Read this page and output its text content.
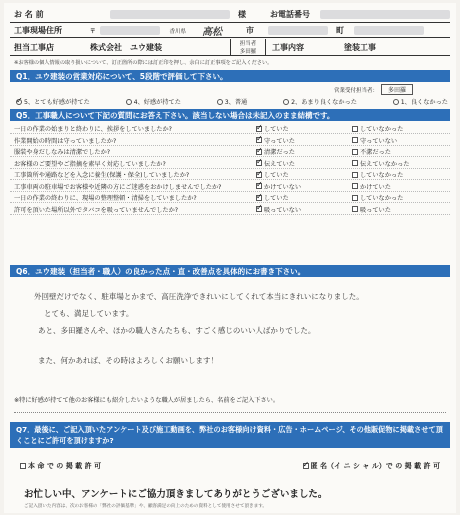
お 名 前	様	お電話番号
工事現場住所	〒	香川県 高松	市	町
担当工事店	株式会社　ユウ建装	担当者
多田羅
工事内容	塗装工事
※お客様の個人情報の取り扱いについて、訂正箇所の際には訂正印を押し、余白に訂正事項をご記入ください。
Q1．ユウ建装の営業対応について、5段階で評価して下さい。
営業受付担当者：	多田羅
✓
5、とても好感が持てた	4、好感が持てた	3、普通	2、あまり良くなかった	1、良くなかった
Q5．工事職人について下記の質問にお答え下さい。該当しない場合は未記入のまま結構です。
一日の作業の始まりと終わりに、挨拶をしていましたか? ✓	していた	していなかった
作業開始の時間は守っていましたか? ✓	守っていた	守っていない
服装や身だしなみは清潔でしたか? ✓	清潔だった	不潔だった
お客様のご要望やご指摘を素早く対応していましたか? ✓	伝えていた	伝えていなかった
工事箇所や通路などを入念に養生(保護・保全)していましたか? ✓	していた	していなかった
工事車両の駐車場でお客様や近隣の方にご迷惑をおかけしませんでしたか? ✓	かけていない	かけていた
一日の作業の終わりに、現場の整理整頓・清掃をしていましたか? ✓	していた	していなかった
許可を頂いた場所以外でタバコを吸っていませんでしたか? ✓	吸っていない	吸っていた
Q6．ユウ建装（担当者・職人）の良かった点・直・改善点を具体的にお書き下さい。
外回壁だけでなく、駐車場とかまで、高圧洗浄できれいにしてくれて本当にきれいになりました。
とても、満足しています。
あと、多田羅さんや、ほかの職人さんたちも、すごく感じのいい人ばかりでした。
また、何かあれば、その時はよろしくお願いします！
※特に好感が持てて他のお客様にも紹介したいような職人が居ましたら、名前をご記入下さい。
Q7．最後に、ご記入頂いたアンケート及び施工動画を、弊社のお客様向け資料・広告・ホームページ、その他販促物に掲載させて頂くことにご許可を頂けますか?
本 命 で の 掲 載 許 可 ✓	匿 名（イ ニ シ ャ ル）で の 掲 載 許 可
お忙しい中、アンケートにご協力頂きましてありがとうございました。
ご記入頂いた内容は、次のお客様の「弊社の評価基準」や、顧客満足の向上のための資料として使用させて頂きます。
